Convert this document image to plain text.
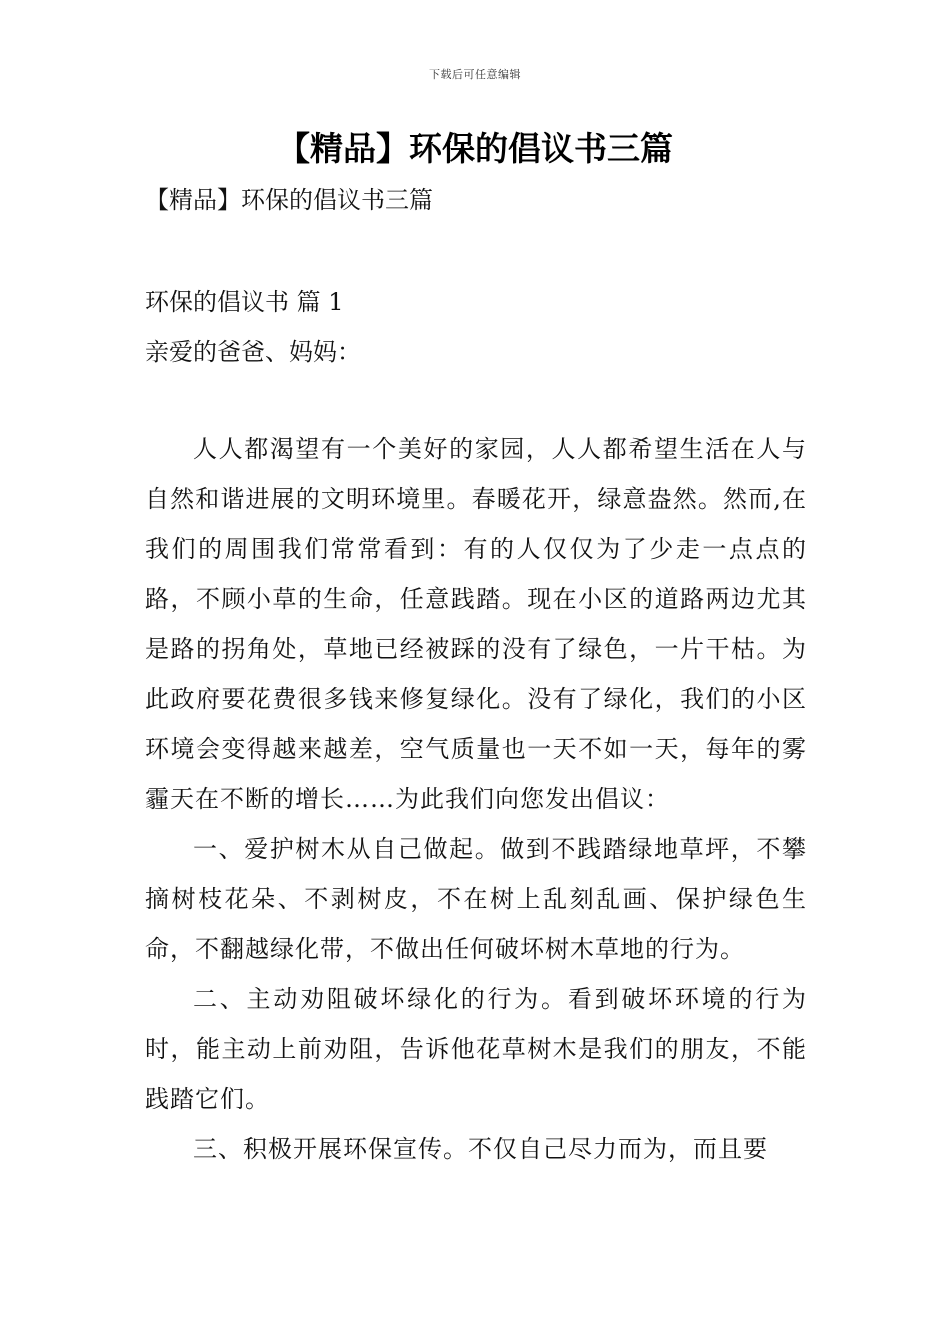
下载后可任意编辑
【精品】环保的倡议书三篇

【精品】环保的倡议书三篇

环保的倡议书 篇 1

亲爱的爸爸、妈妈：

人人都渴望有一个美好的家园，人人都希望生活在人与自然和谐进展的文明环境里。春暖花开，绿意盎然。然而,在我们的周围我们常常看到：有的人仅仅为了少走一点点的路，不顾小草的生命，任意践踏。现在小区的道路两边尤其是路的拐角处，草地已经被踩的没有了绿色，一片干枯。为此政府要花费很多钱来修复绿化。没有了绿化，我们的小区环境会变得越来越差，空气质量也一天不如一天，每年的雾霾天在不断的增长……为此我们向您发出倡议：

一、爱护树木从自己做起。做到不践踏绿地草坪，不攀摘树枝花朵、不剥树皮，不在树上乱刻乱画、保护绿色生命，不翻越绿化带，不做出任何破坏树木草地的行为。

二、主动劝阻破坏绿化的行为。看到破坏环境的行为时，能主动上前劝阻，告诉他花草树木是我们的朋友，不能践踏它们。

三、积极开展环保宣传。不仅自己尽力而为，而且要
